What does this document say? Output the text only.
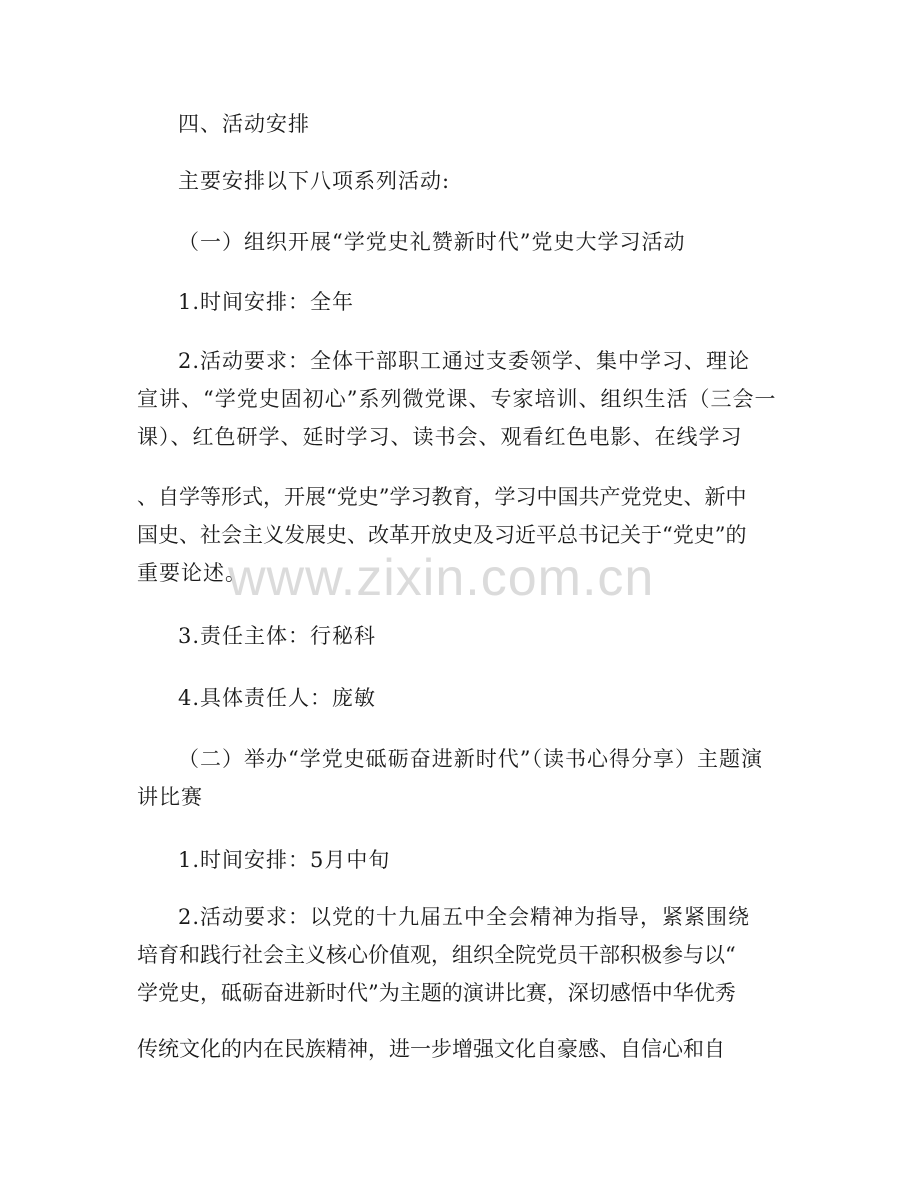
四、活动安排
主要安排以下八项系列活动:
（一）组织开展“学党史礼赞新时代”党史大学习活动
1.时间安排：全年
2.活动要求：全体干部职工通过支委领学、集中学习、理论
宣讲、“学党史固初心”系列微党课、专家培训、组织生活（三会一
课）、红色研学、延时学习、读书会、观看红色电影、在线学习
、自学等形式，开展“党史”学习教育，学习中国共产党党史、新中
国史、社会主义发展史、改革开放史及习近平总书记关于“党史”的
重要论述。
3.责任主体：行秘科
4.具体责任人：庞敏
（二）举办“学党史砥砺奋进新时代”（读书心得分享）主题演
讲比赛
1.时间安排：5月中旬
2.活动要求：以党的十九届五中全会精神为指导，紧紧围绕
培育和践行社会主义核心价值观，组织全院党员干部积极参与以“
学党史，砥砺奋进新时代”为主题的演讲比赛，深切感悟中华优秀
传统文化的内在民族精神，进一步增强文化自豪感、自信心和自
www.zixin.com.cn
